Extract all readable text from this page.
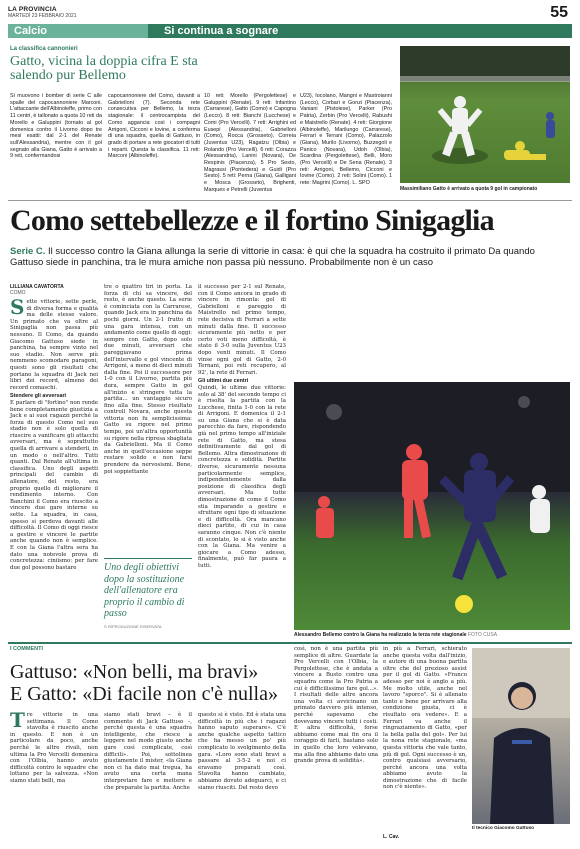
LA PROVINCIA
MARTEDÌ 23 FEBBRAIO 2021	55
Calcio	Si continua a sognare
La classifica cannonieri
Gatto, vicina la doppia cifra E sta salendo pur Bellemo
Si muovono i bomber di serie C alle spalle del capocannoniere Marconi. L'attaccante dell'Albinoleffe, primo con 11 centri, è tallonato a quota 10 reti da Morello e Galuppini (tornato al gol domenica contro il Livorno dopo tre mesi esatti: dal 2-1 del Renate sull'Alessandria), mentre con il gol segnato alla Giana, Gatto è arrivato a 9 reti, confermandosi
capocannoniere del Como, davanti a Gabrielloni (7). Seconda rete consecutiva per Bellemo, la terza stagionale: il centrocampista del Como aggancia così i compagni Arrigoni, Cicconi e Iovine, a conferma di una squadra, quella di Gattuso, in grado di portare a rete giocatori di tutti i reparti. Questa la classifica. 11 reti: Marconi (Albinoleffe).
10 reti: Morello (Pergolettese) e Galuppini (Renate). 9 reti: Infantino (Carrarese), Gatto (Como) e Capogna (Lecco). 8 reti: Bianchi (Lucchese) e Comi (Pro Vercelli). 7 reti: Arrighini ed Eusepi (Alessandria), Gabrielloni (Como), Rocca (Grosseto), Correia (Juventus U23), Ragatzu (Olbia) e Rolando (Pro Vercelli). 6 reti: Corazza (Alessandria), Lanini (Novara), De Respinis (Piacenza), 5 Pro Sesto, Magrassi (Pontedera) e Guidi (Pro Sesto). 5 reti: Perna (Giana), Galligani e Mosca (Grosseto), Brighenti, Marques e Petrelli (Juventus
U23), Iocolano, Mangni e Mastroianni (Lecco), Corbari e Gonzi (Piacenza), Vaniani (Pistoiese), Parker (Pro Patria), Zerbin (Pro Vercelli), Rabushi e Maistrello (Renate). 4 reti: Giorgione (Albinoleffe), Marilungo (Carrarese), Ferrari e Terrani (Como), Palazzolo (Giana), Murilo (Livorno), Buzzegoli e Panico (Novara), Udoh (Olbia), Scardina (Pergolettese), Belli, Moro (Pro Vercelli) e De Sena (Renate). 3 reti: Arrigoni, Bellemo, Cicconi e Iovine (Como). 2 reti: Solini (Como). 1 rete: Magrini (Como). L. SPO
Massimiliano Gatto è arrivato a quota 9 gol in campionato
Como settebellezze e il fortino Sinigaglia
Serie C. Il successo contro la Giana allunga la serie di vittorie in casa: è qui che la squadra ha costruito il primato Da quando Gattuso siede in panchina, tra le mura amiche non passa più nessuno. Probabilmente non è un caso
LILLIANA CAVATORTA
COMO
S ette vittorie, sette perle, di diversa forma e qualità ma delle stesse valore. Un primato che va oltre al Sinigaglia non passa più nessuno. Il Como, da quando Giacomo Gattuso siede in panchina, ha sempre vinto nel suo stadio. Non serve più nemmeno scomodare paragoni, questi sono gli risultati che portano la squadra di Jack nei libri dei record, almeno dei record comaschi.
Stendere gli avversari
E parlare di "fortino" non rende bene completamente giustizia a Jack e ai suoi ragazzi perché la forza di questo Como nel suo stadio non è solo quella di riuscire a vanificare gli attacchi avversari, ma è soprattutto quella di arrivare a stenderli, in un modo o nell'altro. Tutti quanti. Dal Renate all'ultima in classifica. Uno degli aspetti principali del cambio di allenatore, del resto, era proprio quello di migliorare il rendimento interno. Con Banchini il Como era riuscito a vincere due gare interne su sette. La squadra, in casa, spesso si perdeva davanti alle difficoltà. Il Como di oggi riesce a gestire e vincere le partite anche quando non è semplice. E con la Giana l'altra sera ha dato una notevole prova di concretezza: ciniismo: per fare due gol possono bastare
tre o quattro tiri in porta. La forza di chi sa vincere, del resto, è anche questo. La serie è cominciata con la Carrarese, quando Jack era in panchina da pochi giorni. Un 2-1 frutto di una gara intensa, con un andamento come quello di oggi: sempre con Gatto, dopo solo due minuti, avversari che pareggiavano prima dell'intervallo e gol vincente di Arrigoni, a meno di dieci minuti dalla fine. Poi il successore per 1-0 con il Livorno, partita più dura, sempre Gatto in gol all'inizio e stringere tutta la partita... un vantaggio sicuro fino alla fine. Stesso risultato controll Novara, anche questa vittoria non fu semplicissima: Gatto su rigore nel primo tempo, poi un'altra opportunità su rigore nella ripresa sbagliata da Gabrielloni. Ma il Como anche in quell'occasione seppe restare solido e non farsi prendere da nervosismi. Bene, poi soppiettante
Uno degli obiettivi dopo la sostituzione dell'allenatore era proprio il cambio di passo
© RIPRODUZIONE RISERVATA
il successo per 2-1 sul Renate, con il Como ancora in grado di vincere in rimonta: gol di Gabrielloni e pareggio di Maistrello nel primo tempo, rete decisiva di Ferrari a sette minuti dalla fine. Il successo sicuramente più netto e per certo voti meno difficoltà, è stato il 3-0 sulla Juventus U23 dopo venti minuti. Il Como vinse ogni gol di Gatto, 2-0 Ternani, poi reti recupero, al 92', la rete di Ferrari.
Gli ultimi due centri
Quindi, le ultime due vittorie: solo al 38' del secondo tempo ci è risolta la partita con la Lucchese, finita 1-0 con la rete di Arrigoni. E domenica il 2-1 su una Giana che si è data parecchio da fare, rispondendo già nel primo tempo all'iniziale rete di Gatto, ma stesa definitivamente dal gol di Bellemo. Altra dimostrazione di concretezza e solidità. Partite diverse, sicuramente nessuna particolarmente semplice, indipendentemente dalla posizione di classifica degli avversari. Ma tutte dimostrazione di come il Como stia imparando a gestire e sfruttare ogni tipo di situazione e di difficoltà. Ora mancano dieci partite, di cui in casa saranno cinque. Non c'è niente di scontato, lo si è visto anche con la Giana. Ma venire a giocare a Como adesso, finalmente, può far paura a tutti.
Alessandro Bellemo contro la Giana ha realizzato la terza rete stagionale FOTO CUSA
I COMMENTI
Gattuso: «Non belli, ma bravi»
E Gatto: «Di facile non c'è nulla»
T re vittorie in una settimana. Il Como stavolta è riuscito anche in questo. E non è un particolare da poco, anche perché le altre rivali, non ultima la Pro Vercelli domenica con l'Olbia, hanno avuto difficoltà contro le squadre che lottano per la salvezza. «Non siamo stati belli, ma
siamo stati bravi – è il commento di Jack Gattuso –, perché questa è una squadra intelligente, che riesce a leggere nel modo giusto anche gare così complicate, così difficili». Poi, sottolinea giustamente il mister, «la Giana non ci ha dato mai tregua, ha avuto una certa mana interpretare fare e mettere e che preparate la partita. Anche
questo si è visto. Ed è stata una difficoltà in più che i ragazzi hanno saputo superare». C'è anche qualche aspetto tattico che ha messo un po' più complicato lo svolgimento della gara. «Loro sono stati bravi a passare al 3-5-2 e noi ci eravamo preparati così. Stavolta hanno cambiato, abbiamo dovuto adeguarci, e ci siamo riusciti. Del resto devo
così, non è una partita più semplice di altre. Guardate la Pro Vercelli con l'Olbia, la Pergolettese, che è andata a vincere a Busto contro una squadra come la Pro Patria a cui è difficilissimo fare gol...». I risultati delle altre ancora una volta ci avvicinano un primato davvero più intenso, perché sapevamo che dovevamo vincere tutti i costi. E altra difficoltà, forse abbiamo come mai fin ora il coraggio di farli, bastano solo in quello che loro volevano, ma alla fine abbiamo dato una grande prova di solidità».
in più a Ferrari, schierato anche questa volta dall'inizio, e autore di una buona partita oltre che del prezioso assist per il gol di Gatto. «Franco adesso per noi è anglo a più. Me molto utile, anche nel lavoro "sporco". Si è allenato tanto e bene per arrivare alla condizione giusta, ci è risultato ora vedere». E a Ferrari va anche il ringraziamento di Gatto, «per la bella palla del gol». Per lui la nona rete stagionale, «ma questa vittoria che vale tanto, più di gol. Ogni successo è un, contro qualsiasi avversario, perché ancora una volta abbiamo avuto la dimostrazione che di facile non c'è niente».
L. Cav.
Il tecnico Giacomo Gattuso
